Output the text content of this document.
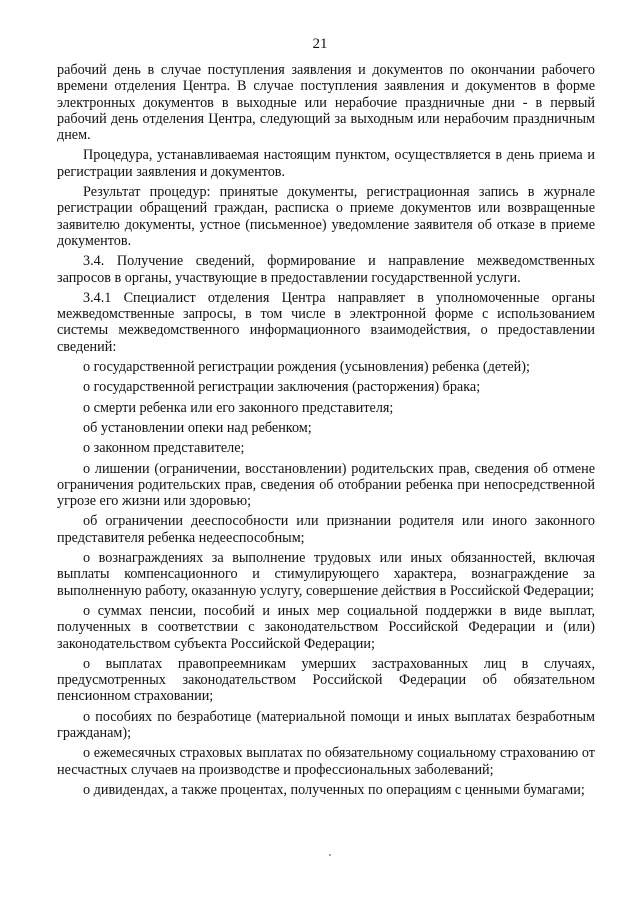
21

рабочий день в случае поступления заявления и документов по окончании рабочего времени отделения Центра. В случае поступления заявления и документов в форме электронных документов в выходные или нерабочие праздничные дни - в первый рабочий день отделения Центра, следующий за выходным или нерабочим праздничным днем.

Процедура, устанавливаемая настоящим пунктом, осуществляется в день приема и регистрации заявления и документов.

Результат процедур: принятые документы, регистрационная запись в журнале регистрации обращений граждан, расписка о приеме документов или возвращенные заявителю документы, устное (письменное) уведомление заявителя об отказе в приеме документов.

3.4. Получение сведений, формирование и направление межведомственных запросов в органы, участвующие в предоставлении государственной услуги.

3.4.1 Специалист отделения Центра направляет в уполномоченные органы межведомственные запросы, в том числе в электронной форме с использованием системы межведомственного информационного взаимодействия, о предоставлении сведений:

о государственной регистрации рождения (усыновления) ребенка (детей);

о государственной регистрации заключения (расторжения) брака;

о смерти ребенка или его законного представителя;

об установлении опеки над ребенком;

о законном представителе;

о лишении (ограничении, восстановлении) родительских прав, сведения об отмене ограничения родительских прав, сведения об отобрании ребенка при непосредственной угрозе его жизни или здоровью;

об ограничении дееспособности или признании родителя или иного законного представителя ребенка недееспособным;

о вознаграждениях за выполнение трудовых или иных обязанностей, включая выплаты компенсационного и стимулирующего характера, вознаграждение за выполненную работу, оказанную услугу, совершение действия в Российской Федерации;

о суммах пенсии, пособий и иных мер социальной поддержки в виде выплат, полученных в соответствии с законодательством Российской Федерации и (или) законодательством субъекта Российской Федерации;

о выплатах правопреемникам умерших застрахованных лиц в случаях, предусмотренных законодательством Российской Федерации об обязательном пенсионном страховании;

о пособиях по безработице (материальной помощи и иных выплатах безработным гражданам);

о ежемесячных страховых выплатах по обязательному социальному страхованию от несчастных случаев на производстве и профессиональных заболеваний;

о дивидендах, а также процентах, полученных по операциям с ценными бумагами;
